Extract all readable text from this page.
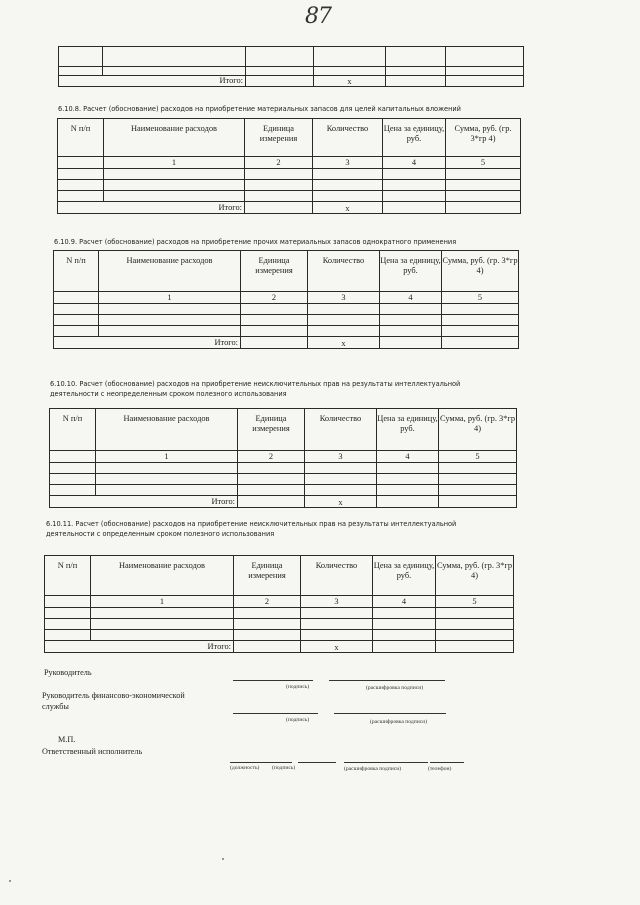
87

Итого:			x		
6.10.8. Расчет (обоснование) расходов на приобретение материальных запасов для целей капитальных вложений
N п/п	Наименование расходов	Единица измерения	Количество	Цена за единицу, руб.	Сумма, руб. (гр. 3*гр 4)
	1	2	3	4	5

Итого:			x		
6.10.9. Расчет (обоснование) расходов на приобретение прочих материальных запасов однократного применения
N п/п	Наименование расходов	Единица измерения	Количество	Цена за единицу, руб.	Сумма, руб. (гр. 3*гр 4)
	1	2	3	4	5

Итого:			x		
6.10.10. Расчет (обоснование) расходов на приобретение неисключительных прав на результаты интеллектуальной деятельности с неопределенным сроком полезного использования
N п/п	Наименование расходов	Единица измерения	Количество	Цена за единицу, руб.	Сумма, руб. (гр. 3*гр 4)
	1	2	3	4	5

Итого:			x		
6.10.11. Расчет (обоснование) расходов на приобретение неисключительных прав на результаты интеллектуальной деятельности с определенным сроком полезного использования
N п/п	Наименование расходов	Единица измерения	Количество	Цена за единицу, руб.	Сумма, руб. (гр. 3*гр 4)
	1	2	3	4	5

Итого:			x		
Руководитель
(подпись)	(расшифровка подписи)
Руководитель финансово-экономической службы
(подпись)	(расшифровка подписи)
М.П.
Ответственный исполнитель
(должность) (подпись)	(расшифровка подписи)	(телефон)
